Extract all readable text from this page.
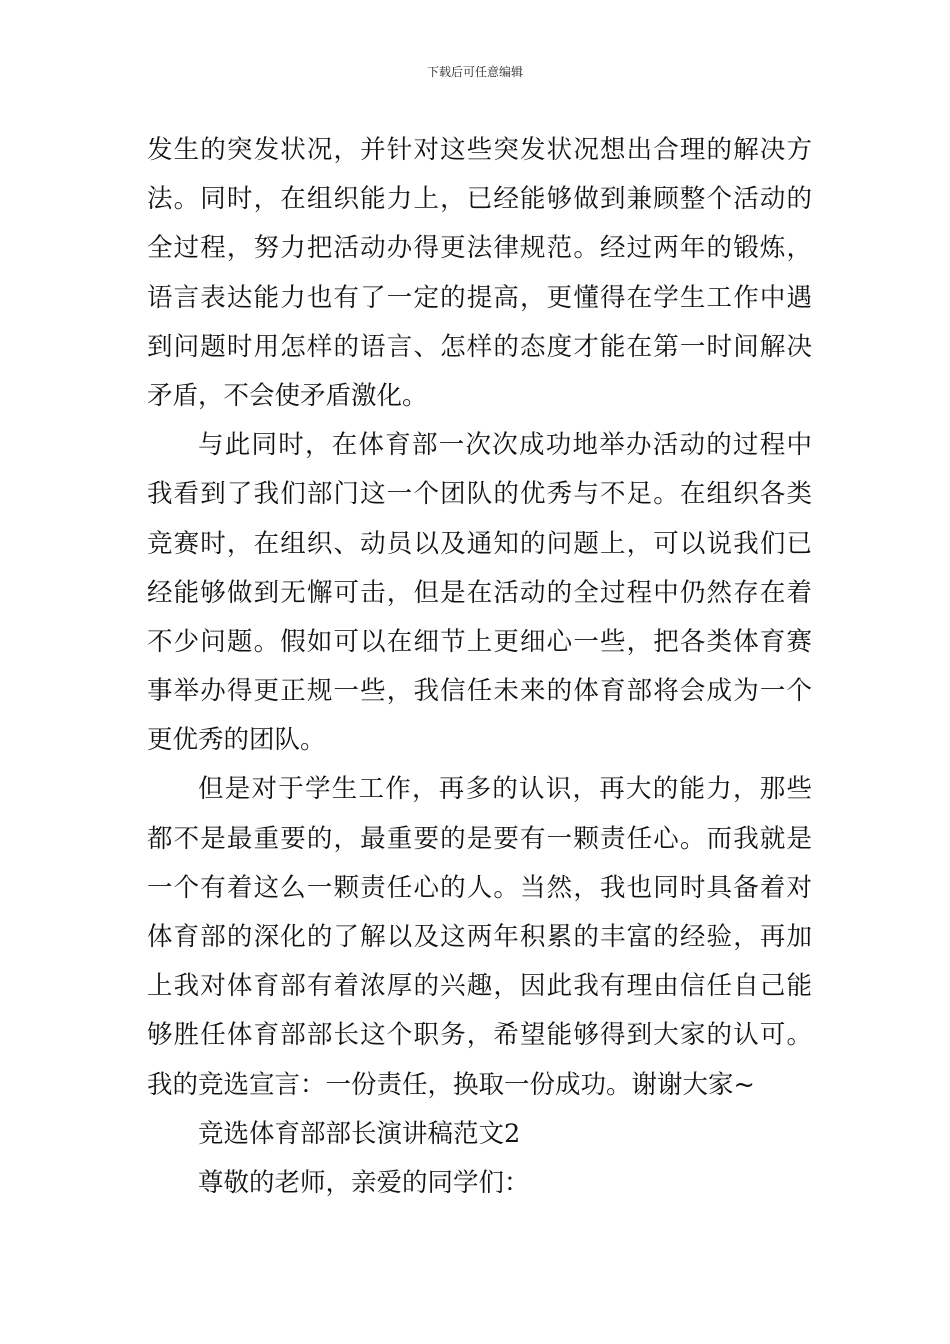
下载后可任意编辑
发生的突发状况，并针对这些突发状况想出合理的解决方
法。同时，在组织能力上，已经能够做到兼顾整个活动的
全过程，努力把活动办得更法律规范。经过两年的锻炼，
语言表达能力也有了一定的提高，更懂得在学生工作中遇
到问题时用怎样的语言、怎样的态度才能在第一时间解决
矛盾，不会使矛盾激化。
与此同时，在体育部一次次成功地举办活动的过程中
我看到了我们部门这一个团队的优秀与不足。在组织各类
竞赛时，在组织、动员以及通知的问题上，可以说我们已
经能够做到无懈可击，但是在活动的全过程中仍然存在着
不少问题。假如可以在细节上更细心一些，把各类体育赛
事举办得更正规一些，我信任未来的体育部将会成为一个
更优秀的团队。
但是对于学生工作，再多的认识，再大的能力，那些
都不是最重要的，最重要的是要有一颗责任心。而我就是
一个有着这么一颗责任心的人。当然，我也同时具备着对
体育部的深化的了解以及这两年积累的丰富的经验，再加
上我对体育部有着浓厚的兴趣，因此我有理由信任自己能
够胜任体育部部长这个职务，希望能够得到大家的认可。
我的竞选宣言：一份责任，换取一份成功。谢谢大家~
竞选体育部部长演讲稿范文2
尊敬的老师，亲爱的同学们：
